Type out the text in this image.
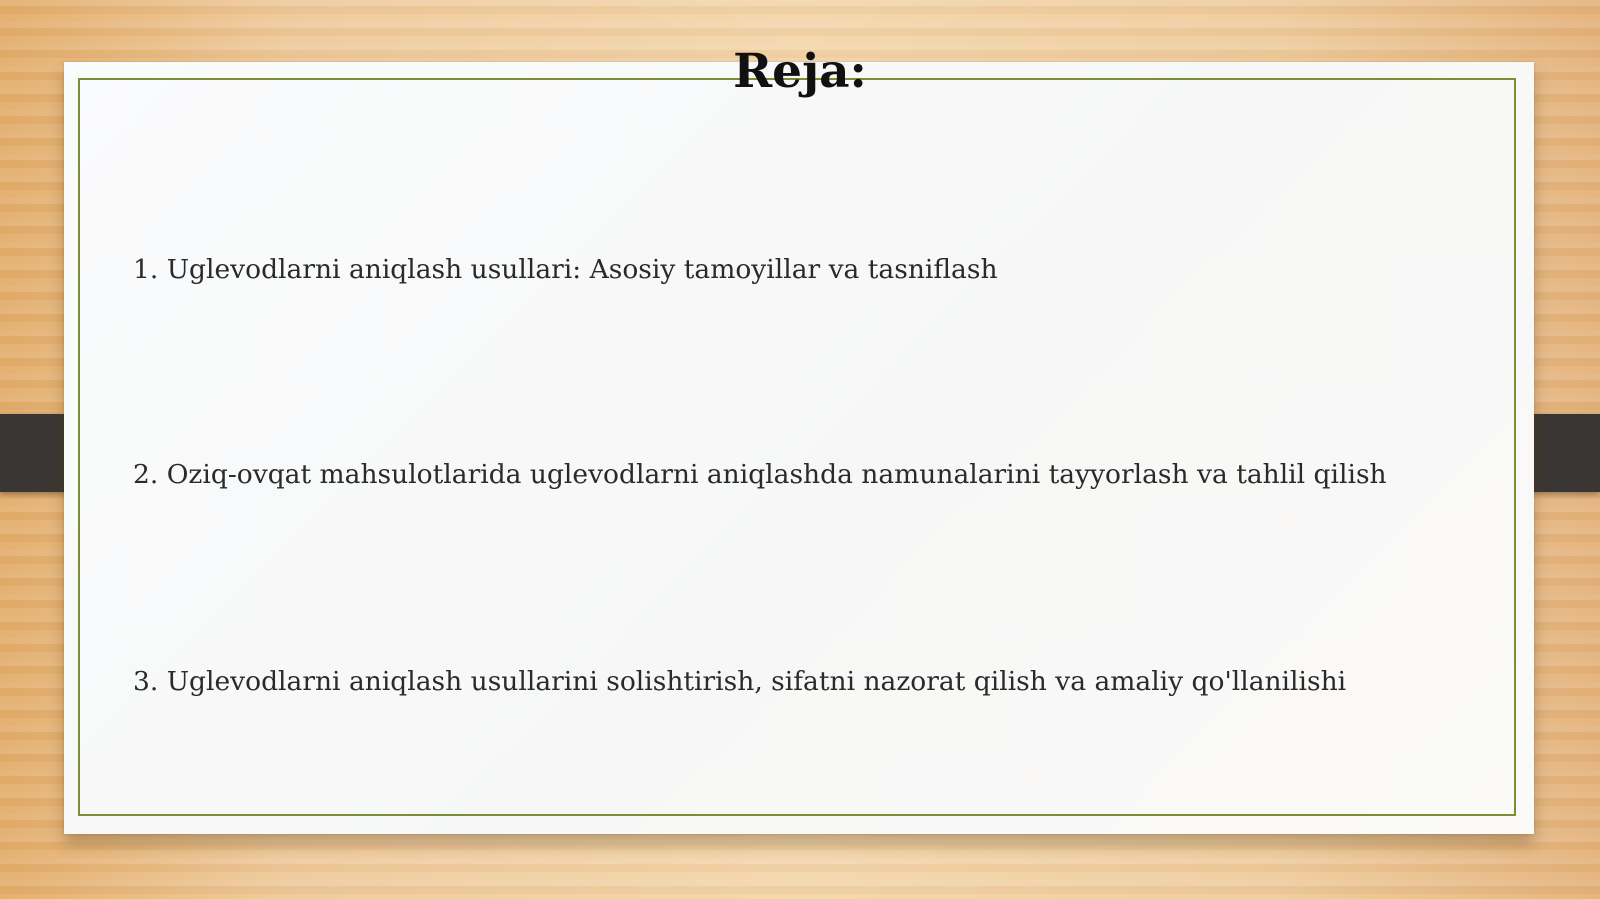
Reja:
1. Uglevodlarni aniqlash usullari: Asosiy tamoyillar va tasniflash
2. Oziq-ovqat mahsulotlarida uglevodlarni aniqlashda namunalarini tayyorlash va tahlil qilish
3. Uglevodlarni aniqlash usullarini solishtirish, sifatni nazorat qilish va amaliy qo'llanilishi
